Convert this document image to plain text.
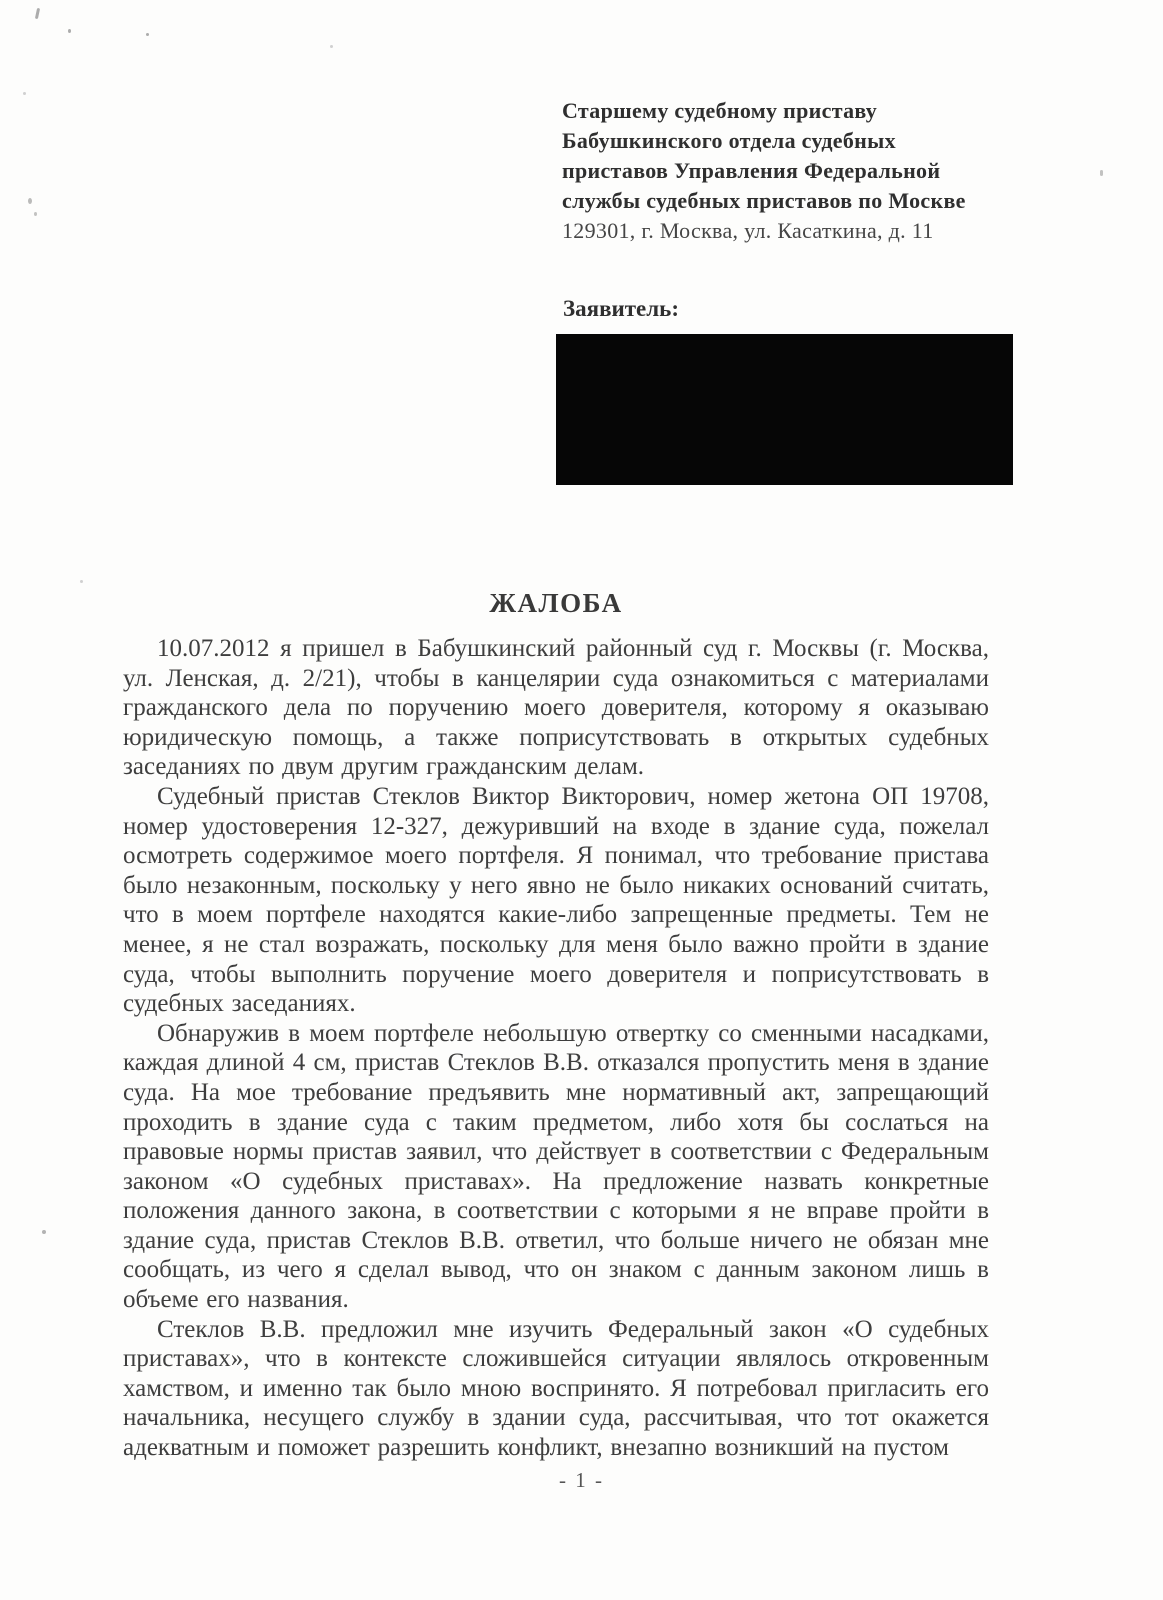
Старшему судебному приставу
Бабушкинского отдела судебных
приставов Управления Федеральной
службы судебных приставов по Москве
129301, г. Москва, ул. Касаткина, д. 11
Заявитель:
ЖАЛОБА

10.07.2012 я пришел в Бабушкинский районный суд г. Москвы (г. Москва, ул. Ленская, д. 2/21), чтобы в канцелярии суда ознакомиться с материалами гражданского дела по поручению моего доверителя, которому я оказываю юридическую помощь, а также поприсутствовать в открытых судебных заседаниях по двум другим гражданским делам.

Судебный пристав Стеклов Виктор Викторович, номер жетона ОП 19708, номер удостоверения 12-327, дежуривший на входе в здание суда, пожелал осмотреть содержимое моего портфеля. Я понимал, что требование пристава было незаконным, поскольку у него явно не было никаких оснований считать, что в моем портфеле находятся какие-либо запрещенные предметы. Тем не менее, я не стал возражать, поскольку для меня было важно пройти в здание суда, чтобы выполнить поручение моего доверителя и поприсутствовать в судебных заседаниях.

Обнаружив в моем портфеле небольшую отвертку со сменными насадками, каждая длиной 4 см, пристав Стеклов В.В. отказался пропустить меня в здание суда. На мое требование предъявить мне нормативный акт, запрещающий проходить в здание суда с таким предметом, либо хотя бы сослаться на правовые нормы пристав заявил, что действует в соответствии с Федеральным законом «О судебных приставах». На предложение назвать конкретные положения данного закона, в соответствии с которыми я не вправе пройти в здание суда, пристав Стеклов В.В. ответил, что больше ничего не обязан мне сообщать, из чего я сделал вывод, что он знаком с данным законом лишь в объеме его названия.

Стеклов В.В. предложил мне изучить Федеральный закон «О судебных приставах», что в контексте сложившейся ситуации являлось откровенным хамством, и именно так было мною воспринято. Я потребовал пригласить его начальника, несущего службу в здании суда, рассчитывая, что тот окажется адекватным и поможет разрешить конфликт, внезапно возникший на пустом

- 1 -
